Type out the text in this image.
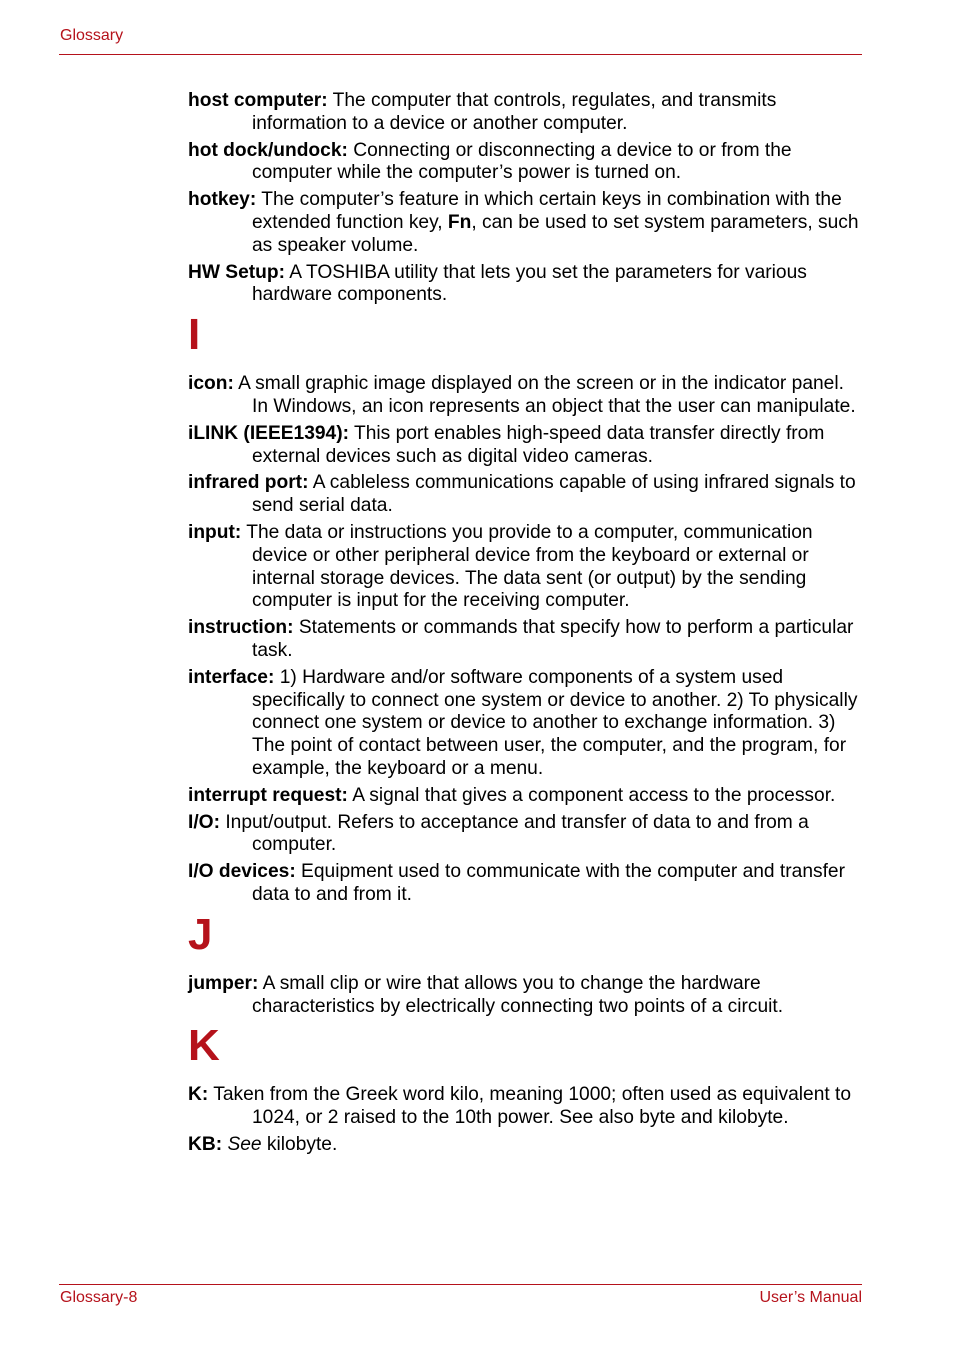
Glossary

host computer: The computer that controls, regulates, and transmits information to a device or another computer.

hot dock/undock: Connecting or disconnecting a device to or from the computer while the computer’s power is turned on.

hotkey: The computer’s feature in which certain keys in combination with the extended function key, Fn, can be used to set system parameters, such as speaker volume.

HW Setup: A TOSHIBA utility that lets you set the parameters for various hardware components.

I

icon: A small graphic image displayed on the screen or in the indicator panel. In Windows, an icon represents an object that the user can manipulate.

iLINK (IEEE1394): This port enables high-speed data transfer directly from external devices such as digital video cameras.

infrared port: A cableless communications capable of using infrared signals to send serial data.

input: The data or instructions you provide to a computer, communication device or other peripheral device from the keyboard or external or internal storage devices. The data sent (or output) by the sending computer is input for the receiving computer.

instruction: Statements or commands that specify how to perform a particular task.

interface: 1) Hardware and/or software components of a system used specifically to connect one system or device to another. 2) To physically connect one system or device to another to exchange information. 3) The point of contact between user, the computer, and the program, for example, the keyboard or a menu.

interrupt request: A signal that gives a component access to the processor.

I/O: Input/output. Refers to acceptance and transfer of data to and from a computer.

I/O devices: Equipment used to communicate with the computer and transfer data to and from it.

J

jumper: A small clip or wire that allows you to change the hardware characteristics by electrically connecting two points of a circuit.

K

K: Taken from the Greek word kilo, meaning 1000; often used as equivalent to 1024, or 2 raised to the 10th power. See also byte and kilobyte.

KB: See kilobyte.

Glossary-8	User’s Manual
